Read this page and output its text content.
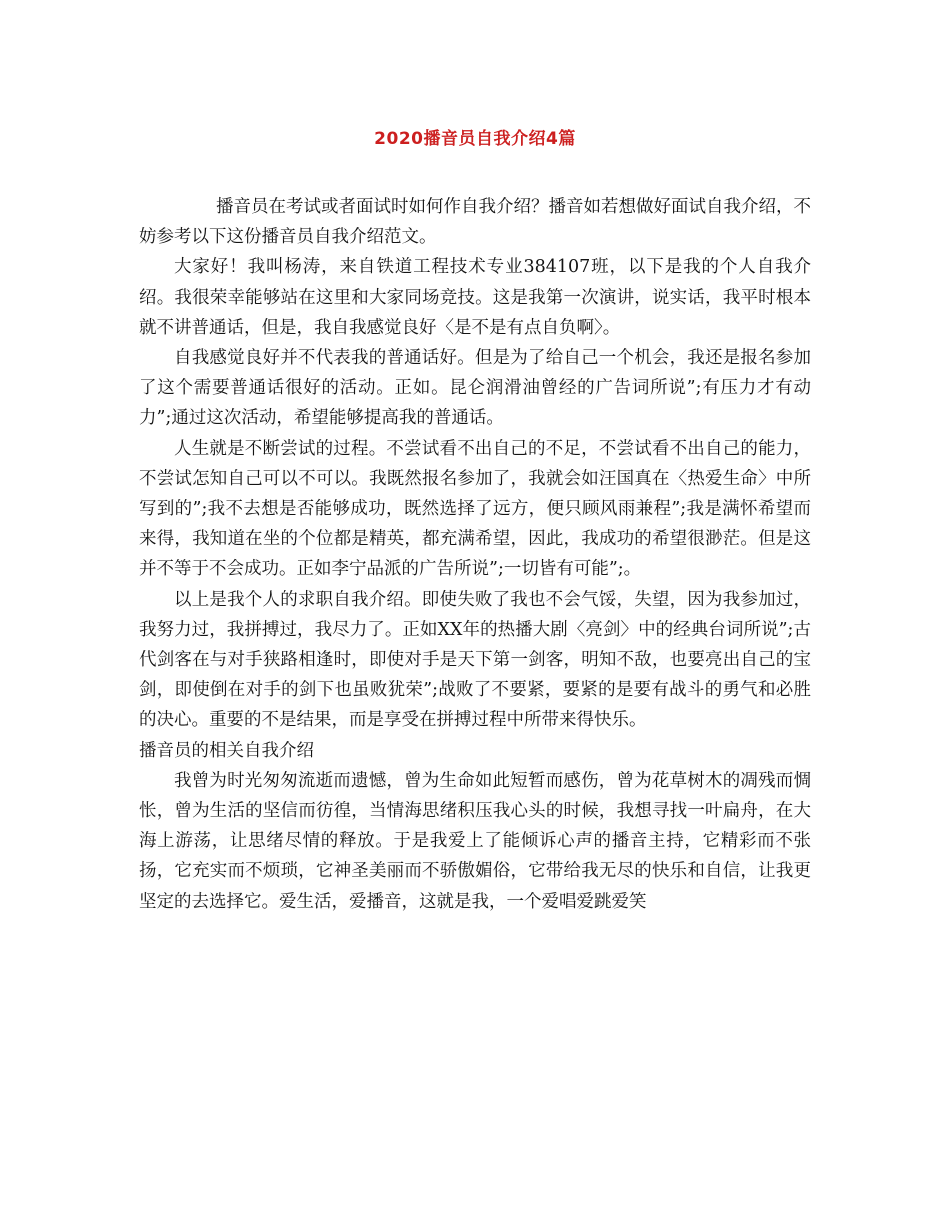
2020播音员自我介绍4篇

播音员在考试或者面试时如何作自我介绍？播音如若想做好面试自我介绍，不妨参考以下这份播音员自我介绍范文。

大家好！我叫杨涛，来自铁道工程技术专业384107班，以下是我的个人自我介绍。我很荣幸能够站在这里和大家同场竞技。这是我第一次演讲，说实话，我平时根本就不讲普通话，但是，我自我感觉良好〈是不是有点自负啊〉。

自我感觉良好并不代表我的普通话好。但是为了给自己一个机会，我还是报名参加了这个需要普通话很好的活动。正如。昆仑润滑油曾经的广告词所说”;有压力才有动力”;通过这次活动，希望能够提高我的普通话。

人生就是不断尝试的过程。不尝试看不出自己的不足，不尝试看不出自己的能力，不尝试怎知自己可以不可以。我既然报名参加了，我就会如汪国真在〈热爱生命〉中所写到的”;我不去想是否能够成功，既然选择了远方，便只顾风雨兼程”;我是满怀希望而来得，我知道在坐的个位都是精英，都充满希望，因此，我成功的希望很渺茫。但是这并不等于不会成功。正如李宁品派的广告所说”;一切皆有可能”;。

以上是我个人的求职自我介绍。即使失败了我也不会气馁，失望，因为我参加过，我努力过，我拼搏过，我尽力了。正如XX年的热播大剧〈亮剑〉中的经典台词所说”;古代剑客在与对手狭路相逢时，即使对手是天下第一剑客，明知不敌，也要亮出自己的宝剑，即使倒在对手的剑下也虽败犹荣”;战败了不要紧，要紧的是要有战斗的勇气和必胜的决心。重要的不是结果，而是享受在拼搏过程中所带来得快乐。

播音员的相关自我介绍

我曾为时光匆匆流逝而遗憾，曾为生命如此短暂而感伤，曾为花草树木的凋残而惆怅，曾为生活的坚信而彷徨，当情海思绪积压我心头的时候，我想寻找一叶扁舟，在大海上游荡，让思绪尽情的释放。于是我爱上了能倾诉心声的播音主持，它精彩而不张扬，它充实而不烦琐，它神圣美丽而不骄傲媚俗，它带给我无尽的快乐和自信，让我更坚定的去选择它。爱生活，爱播音，这就是我，一个爱唱爱跳爱笑
